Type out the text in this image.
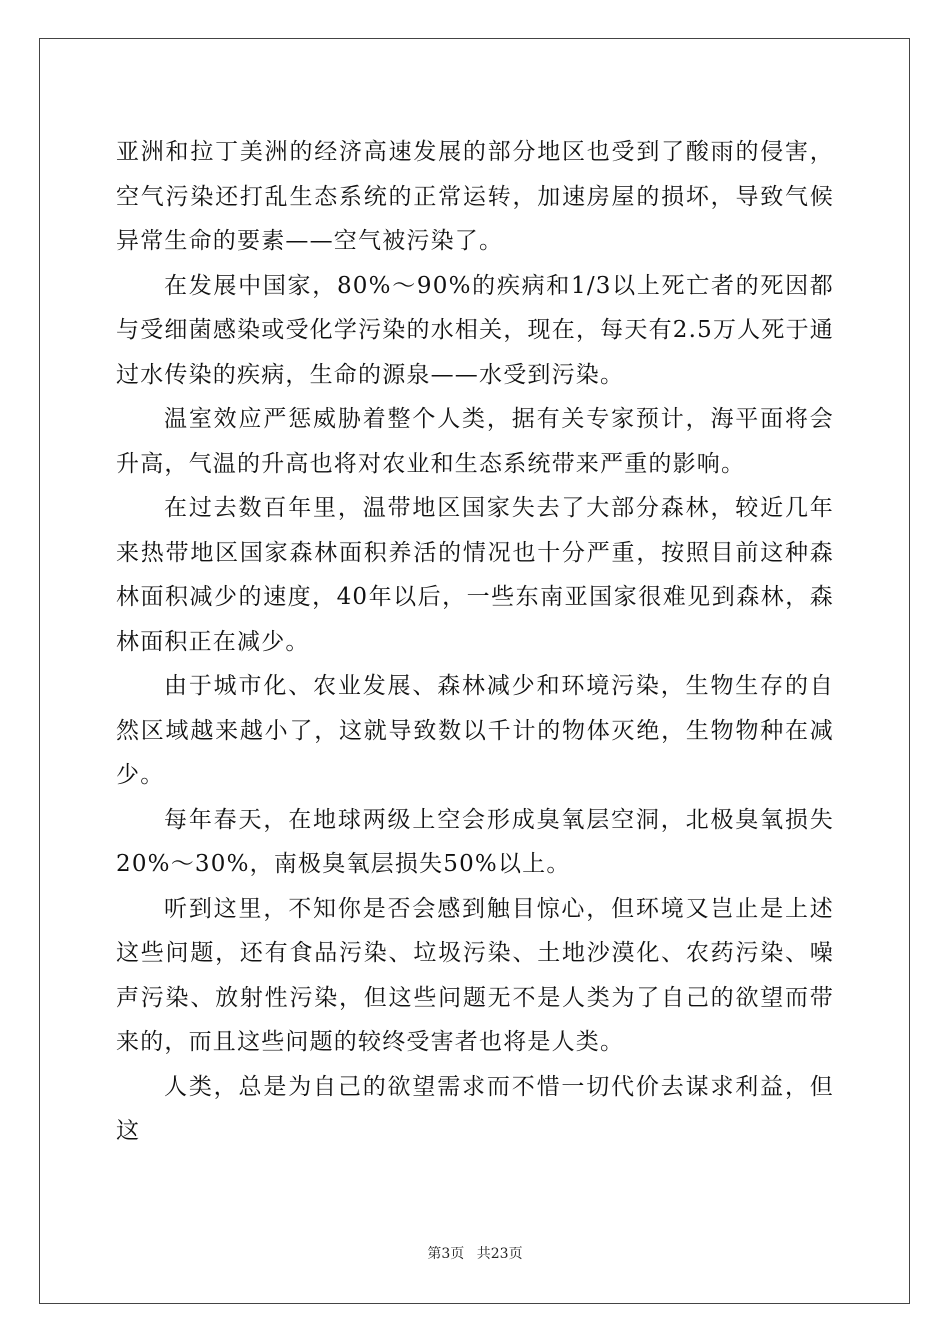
亚洲和拉丁美洲的经济高速发展的部分地区也受到了酸雨的侵害，空气污染还打乱生态系统的正常运转，加速房屋的损坏，导致气候异常生命的要素——空气被污染了。

在发展中国家，80%～90%的疾病和1/3以上死亡者的死因都与受细菌感染或受化学污染的水相关，现在，每天有2.5万人死于通过水传染的疾病，生命的源泉——水受到污染。

温室效应严惩威胁着整个人类，据有关专家预计，海平面将会升高，气温的升高也将对农业和生态系统带来严重的影响。

在过去数百年里，温带地区国家失去了大部分森林，较近几年来热带地区国家森林面积养活的情况也十分严重，按照目前这种森林面积减少的速度，40年以后，一些东南亚国家很难见到森林，森林面积正在减少。

由于城市化、农业发展、森林减少和环境污染，生物生存的自然区域越来越小了，这就导致数以千计的物体灭绝，生物物种在减少。

每年春天，在地球两级上空会形成臭氧层空洞，北极臭氧损失20%～30%，南极臭氧层损失50%以上。

听到这里，不知你是否会感到触目惊心，但环境又岂止是上述这些问题，还有食品污染、垃圾污染、土地沙漠化、农药污染、噪声污染、放射性污染，但这些问题无不是人类为了自己的欲望而带来的，而且这些问题的较终受害者也将是人类。

人类，总是为自己的欲望需求而不惜一切代价去谋求利益，但这

第3页 共23页
